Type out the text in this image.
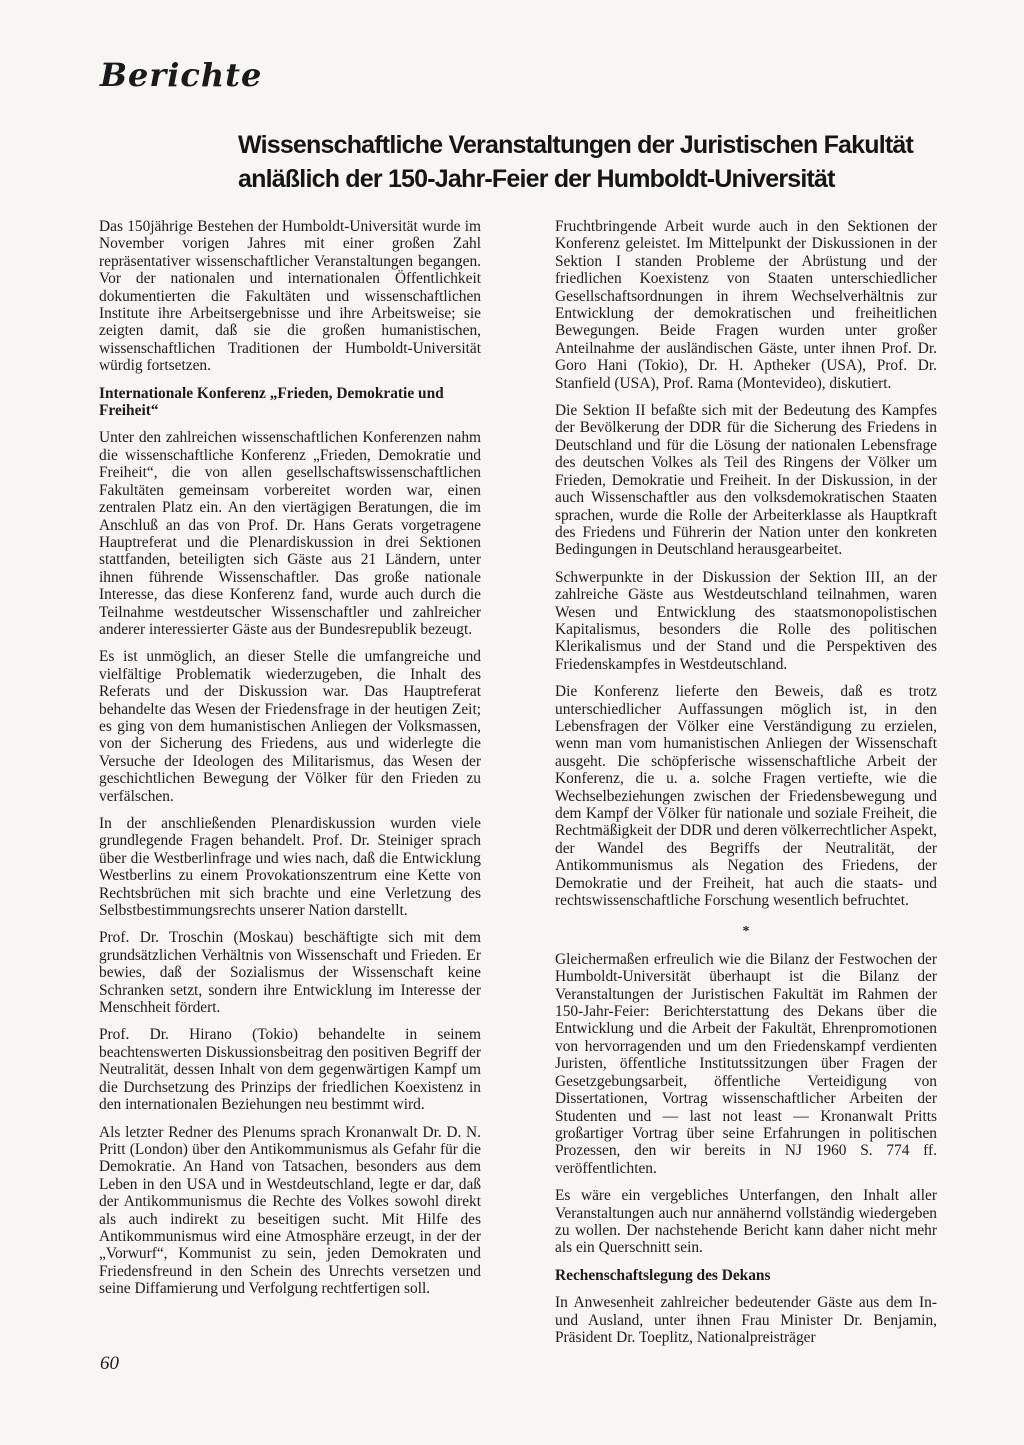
Berichte
Wissenschaftliche Veranstaltungen der Juristischen Fakultät
anläßlich der 150-Jahr-Feier der Humboldt-Universität

Das 150jährige Bestehen der Humboldt-Universität wurde im November vorigen Jahres mit einer großen Zahl repräsentativer wissenschaftlicher Veranstaltungen begangen. Vor der nationalen und internationalen Öffentlichkeit dokumentierten die Fakultäten und wissenschaftlichen Institute ihre Arbeitsergebnisse und ihre Arbeitsweise; sie zeigten damit, daß sie die großen humanistischen, wissenschaftlichen Traditionen der Humboldt-Universität würdig fortsetzen.

Internationale Konferenz „Frieden, Demokratie und Freiheit“

Unter den zahlreichen wissenschaftlichen Konferenzen nahm die wissenschaftliche Konferenz „Frieden, Demokratie und Freiheit“, die von allen gesellschaftswissenschaftlichen Fakultäten gemeinsam vorbereitet worden war, einen zentralen Platz ein. An den viertägigen Beratungen, die im Anschluß an das von Prof. Dr. Hans Gerats vorgetragene Hauptreferat und die Plenardiskussion in drei Sektionen stattfanden, beteiligten sich Gäste aus 21 Ländern, unter ihnen führende Wissenschaftler. Das große nationale Interesse, das diese Konferenz fand, wurde auch durch die Teilnahme westdeutscher Wissenschaftler und zahlreicher anderer interessierter Gäste aus der Bundesrepublik bezeugt.

Es ist unmöglich, an dieser Stelle die umfangreiche und vielfältige Problematik wiederzugeben, die Inhalt des Referats und der Diskussion war. Das Hauptreferat behandelte das Wesen der Friedensfrage in der heutigen Zeit; es ging von dem humanistischen Anliegen der Volksmassen, von der Sicherung des Friedens, aus und widerlegte die Versuche der Ideologen des Militarismus, das Wesen der geschichtlichen Bewegung der Völker für den Frieden zu verfälschen.

In der anschließenden Plenardiskussion wurden viele grundlegende Fragen behandelt. Prof. Dr. Steiniger sprach über die Westberlinfrage und wies nach, daß die Entwicklung Westberlins zu einem Provokationszentrum eine Kette von Rechtsbrüchen mit sich brachte und eine Verletzung des Selbstbestimmungsrechts unserer Nation darstellt.

Prof. Dr. Troschin (Moskau) beschäftigte sich mit dem grundsätzlichen Verhältnis von Wissenschaft und Frieden. Er bewies, daß der Sozialismus der Wissenschaft keine Schranken setzt, sondern ihre Entwicklung im Interesse der Menschheit fördert.

Prof. Dr. Hirano (Tokio) behandelte in seinem beachtenswerten Diskussionsbeitrag den positiven Begriff der Neutralität, dessen Inhalt von dem gegenwärtigen Kampf um die Durchsetzung des Prinzips der friedlichen Koexistenz in den internationalen Beziehungen neu bestimmt wird.

Als letzter Redner des Plenums sprach Kronanwalt Dr. D. N. Pritt (London) über den Antikommunismus als Gefahr für die Demokratie. An Hand von Tatsachen, besonders aus dem Leben in den USA und in Westdeutschland, legte er dar, daß der Antikommunismus die Rechte des Volkes sowohl direkt als auch indirekt zu beseitigen sucht. Mit Hilfe des Antikommunismus wird eine Atmosphäre erzeugt, in der der „Vorwurf“, Kommunist zu sein, jeden Demokraten und Friedensfreund in den Schein des Unrechts versetzen und seine Diffamierung und Verfolgung rechtfertigen soll.

Fruchtbringende Arbeit wurde auch in den Sektionen der Konferenz geleistet. Im Mittelpunkt der Diskussionen in der Sektion I standen Probleme der Abrüstung und der friedlichen Koexistenz von Staaten unterschiedlicher Gesellschaftsordnungen in ihrem Wechselverhältnis zur Entwicklung der demokratischen und freiheitlichen Bewegungen. Beide Fragen wurden unter großer Anteilnahme der ausländischen Gäste, unter ihnen Prof. Dr. Goro Hani (Tokio), Dr. H. Aptheker (USA), Prof. Dr. Stanfield (USA), Prof. Rama (Montevideo), diskutiert.

Die Sektion II befaßte sich mit der Bedeutung des Kampfes der Bevölkerung der DDR für die Sicherung des Friedens in Deutschland und für die Lösung der nationalen Lebensfrage des deutschen Volkes als Teil des Ringens der Völker um Frieden, Demokratie und Freiheit. In der Diskussion, in der auch Wissenschaftler aus den volksdemokratischen Staaten sprachen, wurde die Rolle der Arbeiterklasse als Hauptkraft des Friedens und Führerin der Nation unter den konkreten Bedingungen in Deutschland herausgearbeitet.

Schwerpunkte in der Diskussion der Sektion III, an der zahlreiche Gäste aus Westdeutschland teilnahmen, waren Wesen und Entwicklung des staatsmonopolistischen Kapitalismus, besonders die Rolle des politischen Klerikalismus und der Stand und die Perspektiven des Friedenskampfes in Westdeutschland.

Die Konferenz lieferte den Beweis, daß es trotz unterschiedlicher Auffassungen möglich ist, in den Lebensfragen der Völker eine Verständigung zu erzielen, wenn man vom humanistischen Anliegen der Wissenschaft ausgeht. Die schöpferische wissenschaftliche Arbeit der Konferenz, die u. a. solche Fragen vertiefte, wie die Wechselbeziehungen zwischen der Friedensbewegung und dem Kampf der Völker für nationale und soziale Freiheit, die Rechtmäßigkeit der DDR und deren völkerrechtlicher Aspekt, der Wandel des Begriffs der Neutralität, der Antikommunismus als Negation des Friedens, der Demokratie und der Freiheit, hat auch die staats- und rechtswissenschaftliche Forschung wesentlich befruchtet.

*

Gleichermaßen erfreulich wie die Bilanz der Festwochen der Humboldt-Universität überhaupt ist die Bilanz der Veranstaltungen der Juristischen Fakultät im Rahmen der 150-Jahr-Feier: Berichterstattung des Dekans über die Entwicklung und die Arbeit der Fakultät, Ehrenpromotionen von hervorragenden und um den Friedenskampf verdienten Juristen, öffentliche Institutssitzungen über Fragen der Gesetzgebungsarbeit, öffentliche Verteidigung von Dissertationen, Vortrag wissenschaftlicher Arbeiten der Studenten und — last not least — Kronanwalt Pritts großartiger Vortrag über seine Erfahrungen in politischen Prozessen, den wir bereits in NJ 1960 S. 774 ff. veröffentlichten.

Es wäre ein vergebliches Unterfangen, den Inhalt aller Veranstaltungen auch nur annähernd vollständig wiedergeben zu wollen. Der nachstehende Bericht kann daher nicht mehr als ein Querschnitt sein.

Rechenschaftslegung des Dekans

In Anwesenheit zahlreicher bedeutender Gäste aus dem In- und Ausland, unter ihnen Frau Minister Dr. Benjamin, Präsident Dr. Toeplitz, Nationalpreisträger

60
